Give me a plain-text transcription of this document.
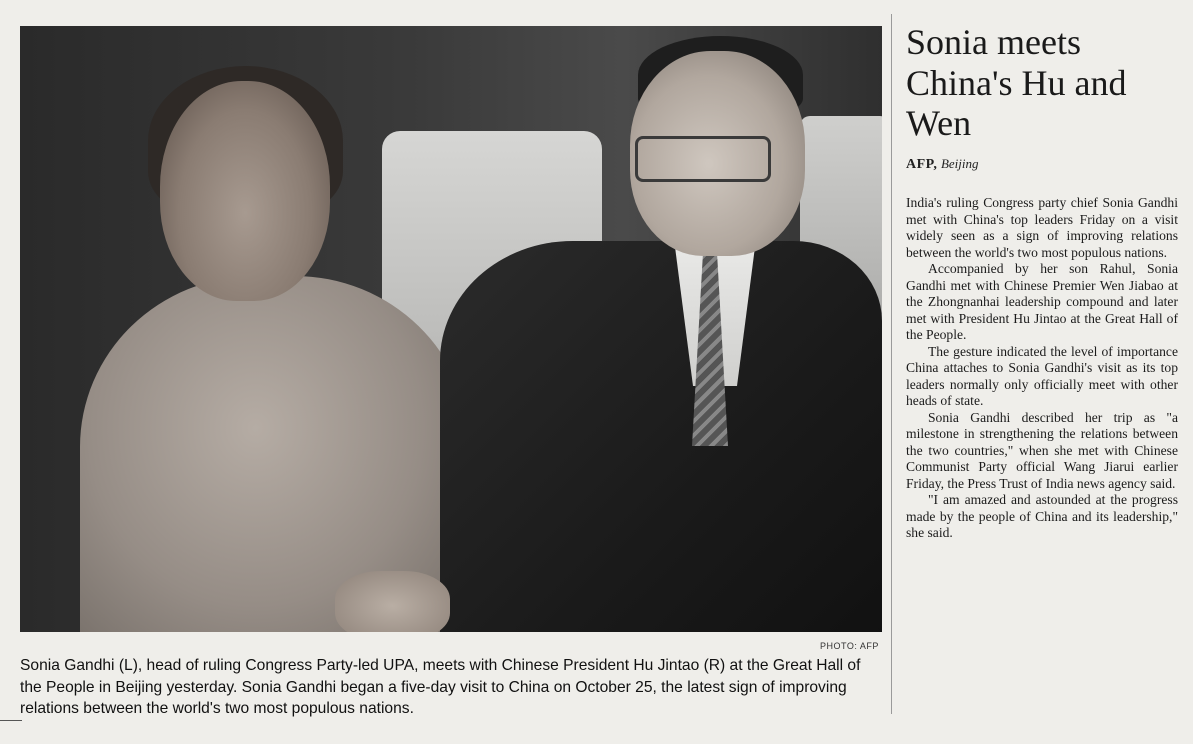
PHOTO: AFP
Sonia Gandhi (L), head of ruling Congress Party-led UPA, meets with Chinese President Hu Jintao (R) at the Great Hall of the People in Beijing yesterday. Sonia Gandhi began a five-day visit to China on October 25, the latest sign of improving relations between the world's two most populous nations.
Sonia meets China's Hu and Wen
AFP, Beijing

India's ruling Congress party chief Sonia Gandhi met with China's top leaders Friday on a visit widely seen as a sign of improving relations between the world's two most populous nations.

Accompanied by her son Rahul, Sonia Gandhi met with Chinese Premier Wen Jiabao at the Zhongnanhai leadership compound and later met with President Hu Jintao at the Great Hall of the People.

The gesture indicated the level of importance China attaches to Sonia Gandhi's visit as its top leaders normally only officially meet with other heads of state.

Sonia Gandhi described her trip as "a milestone in strengthening the relations between the two countries," when she met with Chinese Communist Party official Wang Jiarui earlier Friday, the Press Trust of India news agency said.

"I am amazed and astounded at the progress made by the people of China and its leadership," she said.
